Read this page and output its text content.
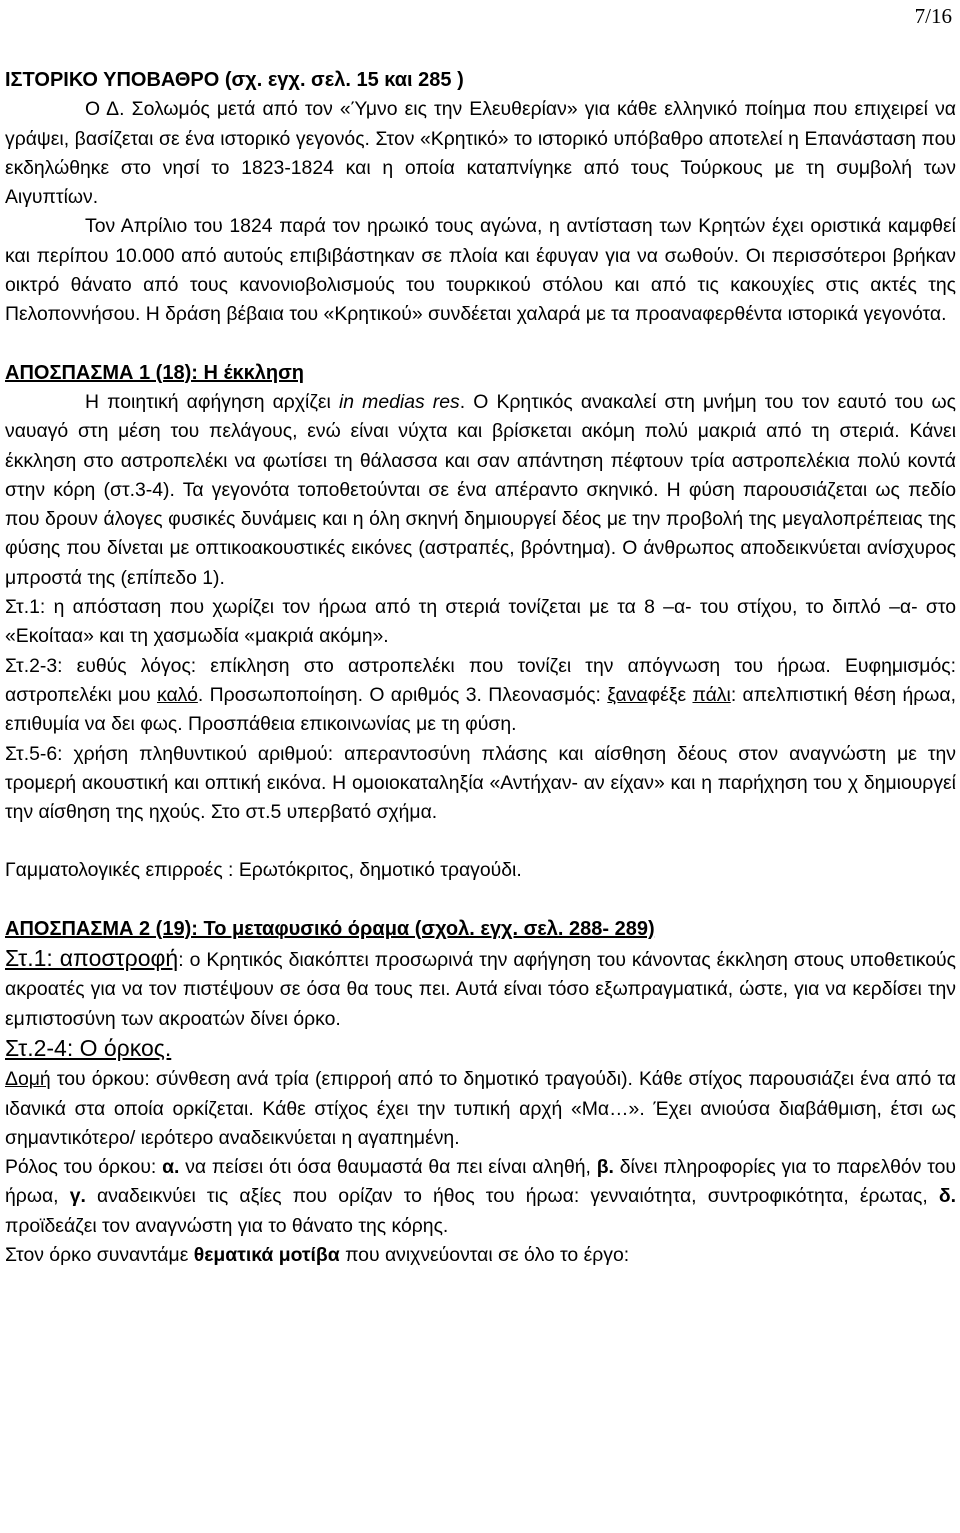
7/16

ΙΣΤΟΡΙΚΟ ΥΠΟΒΑΘΡΟ (σχ. εγχ. σελ. 15 και 285 )

Ο Δ. Σολωμός μετά από τον «Ύμνο εις την Ελευθερίαν» για κάθε ελληνικό ποίημα που επιχειρεί να γράψει, βασίζεται σε ένα ιστορικό γεγονός. Στον «Κρητικό» το ιστορικό υπόβαθρο αποτελεί η Επανάσταση που εκδηλώθηκε στο νησί το 1823-1824 και η οποία καταπνίγηκε από τους Τούρκους με τη συμβολή των Αιγυπτίων.

Τον Απρίλιο του 1824 παρά τον ηρωικό τους αγώνα, η αντίσταση των Κρητών έχει οριστικά καμφθεί και περίπου 10.000 από αυτούς επιβιβάστηκαν σε πλοία και έφυγαν για να σωθούν. Οι περισσότεροι βρήκαν οικτρό θάνατο από τους κανονιοβολισμούς του τουρκικού στόλου και από τις κακουχίες στις ακτές της Πελοποννήσου. Η δράση βέβαια του «Κρητικού» συνδέεται χαλαρά με τα προαναφερθέντα ιστορικά γεγονότα.

ΑΠΟΣΠΑΣΜΑ 1 (18): Η έκκληση

Η ποιητική αφήγηση αρχίζει in medias res. Ο Κρητικός ανακαλεί στη μνήμη του τον εαυτό του ως ναυαγό στη μέση του πελάγους, ενώ είναι νύχτα και βρίσκεται ακόμη πολύ μακριά από τη στεριά. Κάνει έκκληση στο αστροπελέκι να φωτίσει τη θάλασσα και σαν απάντηση πέφτουν τρία αστροπελέκια πολύ κοντά στην κόρη (στ.3-4). Τα γεγονότα τοποθετούνται σε ένα απέραντο σκηνικό. Η φύση παρουσιάζεται ως πεδίο που δρουν άλογες φυσικές δυνάμεις και η όλη σκηνή δημιουργεί δέος με την προβολή της μεγαλοπρέπειας της φύσης που δίνεται με οπτικοακουστικές εικόνες (αστραπές, βρόντημα). Ο άνθρωπος αποδεικνύεται ανίσχυρος μπροστά της (επίπεδο 1).

Στ.1: η απόσταση που χωρίζει τον ήρωα από τη στεριά τονίζεται με τα 8 –α- του στίχου, το διπλό –α- στο «Εκοίταα» και τη χασμωδία «μακριά ακόμη».

Στ.2-3: ευθύς λόγος: επίκληση στο αστροπελέκι που τονίζει την απόγνωση του ήρωα. Ευφημισμός: αστροπελέκι μου καλό. Προσωποποίηση. Ο αριθμός 3. Πλεονασμός: ξαναφέξε πάλι: απελπιστική θέση ήρωα, επιθυμία να δει φως. Προσπάθεια επικοινωνίας με τη φύση.

Στ.5-6: χρήση πληθυντικού αριθμού: απεραντοσύνη πλάσης και αίσθηση δέους στον αναγνώστη με την τρομερή ακουστική και οπτική εικόνα. Η ομοιοκαταληξία «Αντήχαν- αν είχαν» και η παρήχηση του χ δημιουργεί την αίσθηση της ηχούς. Στο στ.5 υπερβατό σχήμα.

Γαμματολογικές επιρροές : Ερωτόκριτος, δημοτικό τραγούδι.

ΑΠΟΣΠΑΣΜΑ 2 (19): Το μεταφυσικό όραμα (σχολ. εγχ. σελ. 288- 289)

Στ.1: αποστροφή: ο Κρητικός διακόπτει προσωρινά την αφήγηση του κάνοντας έκκληση στους υποθετικούς ακροατές για να τον πιστέψουν σε όσα θα τους πει. Αυτά είναι τόσο εξωπραγματικά, ώστε, για να κερδίσει την εμπιστοσύνη των ακροατών δίνει όρκο.

Στ.2-4: Ο όρκος.

Δομή του όρκου: σύνθεση ανά τρία (επιρροή από το δημοτικό τραγούδι). Κάθε στίχος παρουσιάζει ένα από τα ιδανικά στα οποία ορκίζεται. Κάθε στίχος έχει την τυπική αρχή «Μα…». Έχει ανιούσα διαβάθμιση, έτσι ως σημαντικότερο/ ιερότερο αναδεικνύεται η αγαπημένη.

Ρόλος του όρκου: α. να πείσει ότι όσα θαυμαστά θα πει είναι αληθή, β. δίνει πληροφορίες για το παρελθόν του ήρωα, γ. αναδεικνύει τις αξίες που ορίζαν το ήθος του ήρωα: γενναιότητα, συντροφικότητα, έρωτας, δ. προϊδεάζει τον αναγνώστη για το θάνατο της κόρης.

Στον όρκο συναντάμε θεματικά μοτίβα που ανιχνεύονται σε όλο το έργο:
